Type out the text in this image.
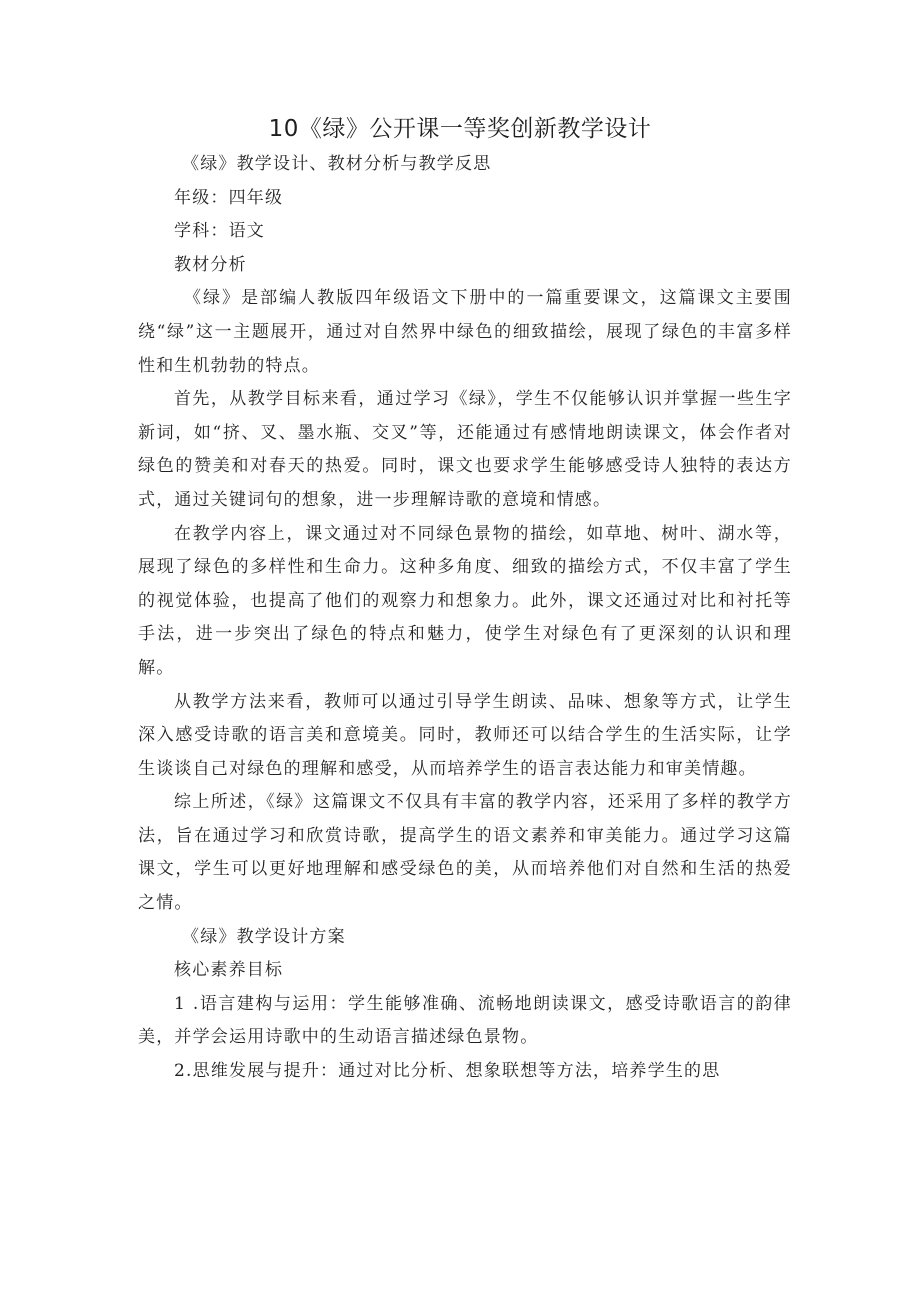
10《绿》公开课一等奖创新教学设计

《绿》教学设计、教材分析与教学反思

年级：四年级

学科：语文

教材分析

《绿》是部编人教版四年级语文下册中的一篇重要课文，这篇课文主要围绕“绿”这一主题展开，通过对自然界中绿色的细致描绘，展现了绿色的丰富多样性和生机勃勃的特点。

首先，从教学目标来看，通过学习《绿》，学生不仅能够认识并掌握一些生字新词，如“挤、叉、墨水瓶、交叉”等，还能通过有感情地朗读课文，体会作者对绿色的赞美和对春天的热爱。同时，课文也要求学生能够感受诗人独特的表达方式，通过关键词句的想象，进一步理解诗歌的意境和情感。

在教学内容上，课文通过对不同绿色景物的描绘，如草地、树叶、湖水等，展现了绿色的多样性和生命力。这种多角度、细致的描绘方式，不仅丰富了学生的视觉体验，也提高了他们的观察力和想象力。此外，课文还通过对比和衬托等手法，进一步突出了绿色的特点和魅力，使学生对绿色有了更深刻的认识和理解。

从教学方法来看，教师可以通过引导学生朗读、品味、想象等方式，让学生深入感受诗歌的语言美和意境美。同时，教师还可以结合学生的生活实际，让学生谈谈自己对绿色的理解和感受，从而培养学生的语言表达能力和审美情趣。

综上所述，《绿》这篇课文不仅具有丰富的教学内容，还采用了多样的教学方法，旨在通过学习和欣赏诗歌，提高学生的语文素养和审美能力。通过学习这篇课文，学生可以更好地理解和感受绿色的美，从而培养他们对自然和生活的热爱之情。

《绿》教学设计方案

核心素养目标

1 .语言建构与运用：学生能够准确、流畅地朗读课文，感受诗歌语言的韵律美，并学会运用诗歌中的生动语言描述绿色景物。

2.思维发展与提升：通过对比分析、想象联想等方法，培养学生的思
